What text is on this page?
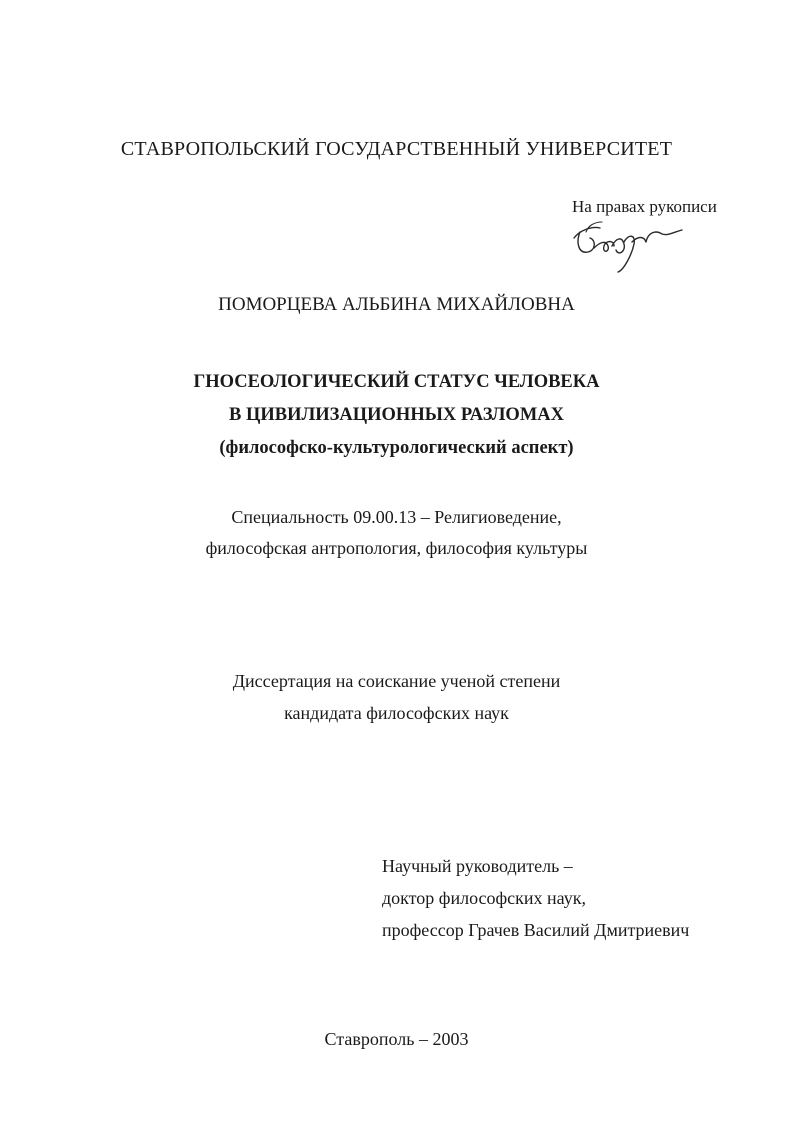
СТАВРОПОЛЬСКИЙ ГОСУДАРСТВЕННЫЙ УНИВЕРСИТЕТ

На правах рукописи

ПОМОРЦЕВА АЛЬБИНА МИХАЙЛОВНА

ГНОСЕОЛОГИЧЕСКИЙ СТАТУС ЧЕЛОВЕКА

В ЦИВИЛИЗАЦИОННЫХ РАЗЛОМАХ

(философско-культурологический аспект)

Специальность 09.00.13 – Религиоведение,

философская антропология, философия культуры

Диссертация на соискание ученой степени

кандидата философских наук

Научный руководитель –
доктор философских наук,
профессор Грачев Василий Дмитриевич

Ставрополь – 2003
